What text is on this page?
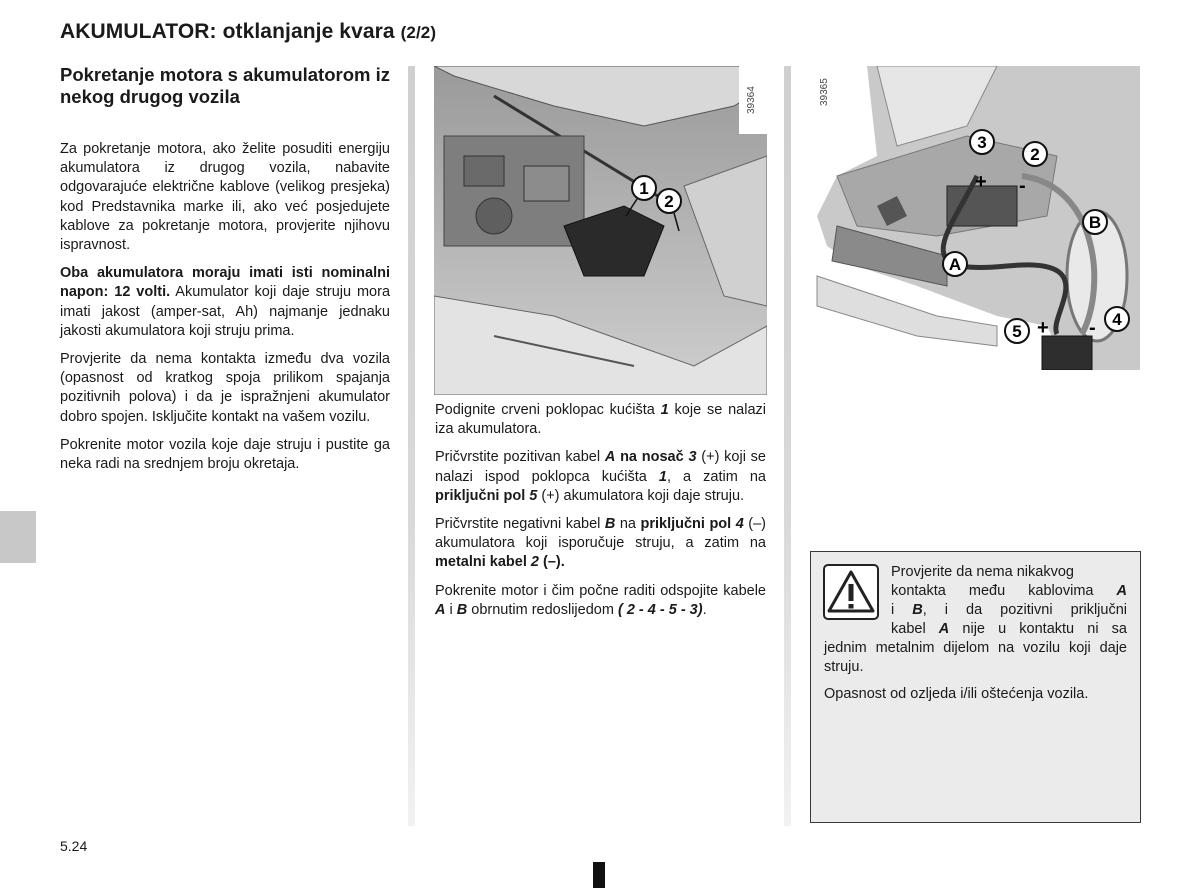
AKUMULATOR: otklanjanje kvara (2/2)
Pokretanje motora s akumulatorom iz nekog drugog vozila

Za pokretanje motora, ako želite posuditi energiju akumulatora iz drugog vozila, nabavite odgovarajuće električne kablove (velikog presjeka) kod Predstavnika marke ili, ako već posjedujete kablove za pokretanje motora, provjerite njihovu ispravnost.

Oba akumulatora moraju imati isti nominalni napon: 12 volti. Akumulator koji daje struju mora imati jakost (amper-sat, Ah) najmanje jednaku jakosti akumulatora koji struju prima.

Provjerite da nema kontakta između dva vozila (opasnost od kratkog spoja prilikom spajanja pozitivnih polova) i da je ispražnjeni akumulator dobro spojen. Isključite kontakt na vašem vozilu.

Pokrenite motor vozila koje daje struju i pustite ga neka radi na srednjem broju okretaja.

1
2
39364
3
2
B
A
5
4
+ -
+ -
39365

Podignite crveni poklopac kućišta 1 koje se nalazi iza akumulatora.

Pričvrstite pozitivan kabel A na nosač 3 (+) koji se nalazi ispod poklopca kućišta 1, a zatim na priključni pol 5 (+) akumulatora koji daje struju.

Pričvrstite negativni kabel B na priključni pol 4 (–) akumulatora koji isporučuje struju, a zatim na metalni kabel 2 (–).

Pokrenite motor i čim počne raditi odspojite kabele A i B obrnutim redoslijedom ( 2 - 4 - 5 - 3).

Provjerite da nema nikakvog
kontakta među kablovima A
i B, i da pozitivni priključni
kabel A nije u kontaktu ni sa
jednim metalnim dijelom na vozilu koji daje struju.
Opasnost od ozljeda i/ili oštećenja vozila.
5.24
